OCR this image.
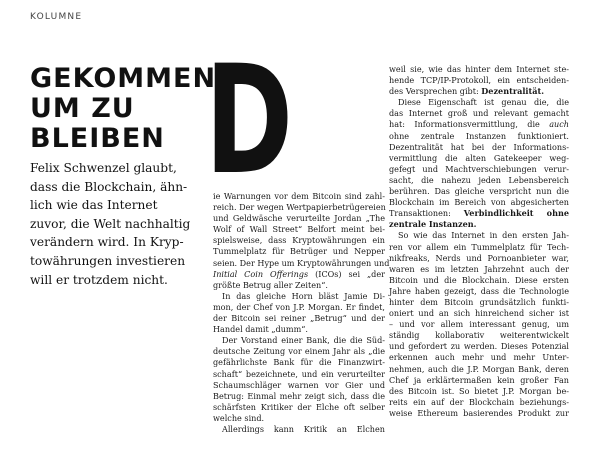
KOLUMNE
GEKOMMEN,
UM ZU
BLEIBEN
Felix Schwenzel glaubt,
dass die Blockchain, ähn-
lich wie das Internet
zuvor, die Welt nachhaltig
verändern wird. In Kryp-
towährungen investieren
will er trotzdem nicht.
D
ie Warnungen vor dem Bitcoin sind zahl-
reich. Der wegen Wertpapierbetrügereien
und Geldwäsche verurteilte Jordan „The
Wolf of Wall Street“ Belfort meint bei-
spielsweise, dass Kryptowährungen ein
Tummelplatz für Betrüger und Nepper
seien. Der Hype um Kryptowährungen und
Initial Coin Offerings (ICOs) sei „der
größte Betrug aller Zeiten“.
In das gleiche Horn bläst Jamie Di-
mon, der Chef von J.P. Morgan. Er findet,
der Bitcoin sei reiner „Betrug“ und der
Handel damit „dumm“.
Der Vorstand einer Bank, die die Süd-
deutsche Zeitung vor einem Jahr als „die
gefährlichste Bank für die Finanzwirt-
schaft“ bezeichnete, und ein verurteilter
Schaumschläger warnen vor Gier und
Betrug: Einmal mehr zeigt sich, dass die
schärfsten Kritiker der Elche oft selber
welche sind.
Allerdings kann Kritik an Elchen
weil sie, wie das hinter dem Internet ste-
hende TCP/IP-Protokoll, ein entscheiden-
des Versprechen gibt: Dezentralität.
Diese Eigenschaft ist genau die, die
das Internet groß und relevant gemacht
hat: Informationsvermittlung, die auch
ohne zentrale Instanzen funktioniert.
Dezentralität hat bei der Informations-
vermittlung die alten Gatekeeper weg-
gefegt und Machtverschiebungen verur-
sacht, die nahezu jeden Lebensbereich
berühren. Das gleiche verspricht nun die
Blockchain im Bereich von abgesicherten
Transaktionen: Verbindlichkeit ohne
zentrale Instanzen.
So wie das Internet in den ersten Jah-
ren vor allem ein Tummelplatz für Tech-
nikfreaks, Nerds und Pornoanbieter war,
waren es im letzten Jahrzehnt auch der
Bitcoin und die Blockchain. Diese ersten
Jahre haben gezeigt, dass die Technologie
hinter dem Bitcoin grundsätzlich funkti-
oniert und an sich hinreichend sicher ist
– und vor allem interessant genug, um
ständig kollaborativ weiterentwickelt
und gefordert zu werden. Dieses Potenzial
erkennen auch mehr und mehr Unter-
nehmen, auch die J.P. Morgan Bank, deren
Chef ja erklärtermaßen kein großer Fan
des Bitcoin ist. So bietet J.P. Morgan be-
reits ein auf der Blockchain beziehungs-
weise Ethereum basierendes Produkt zur
